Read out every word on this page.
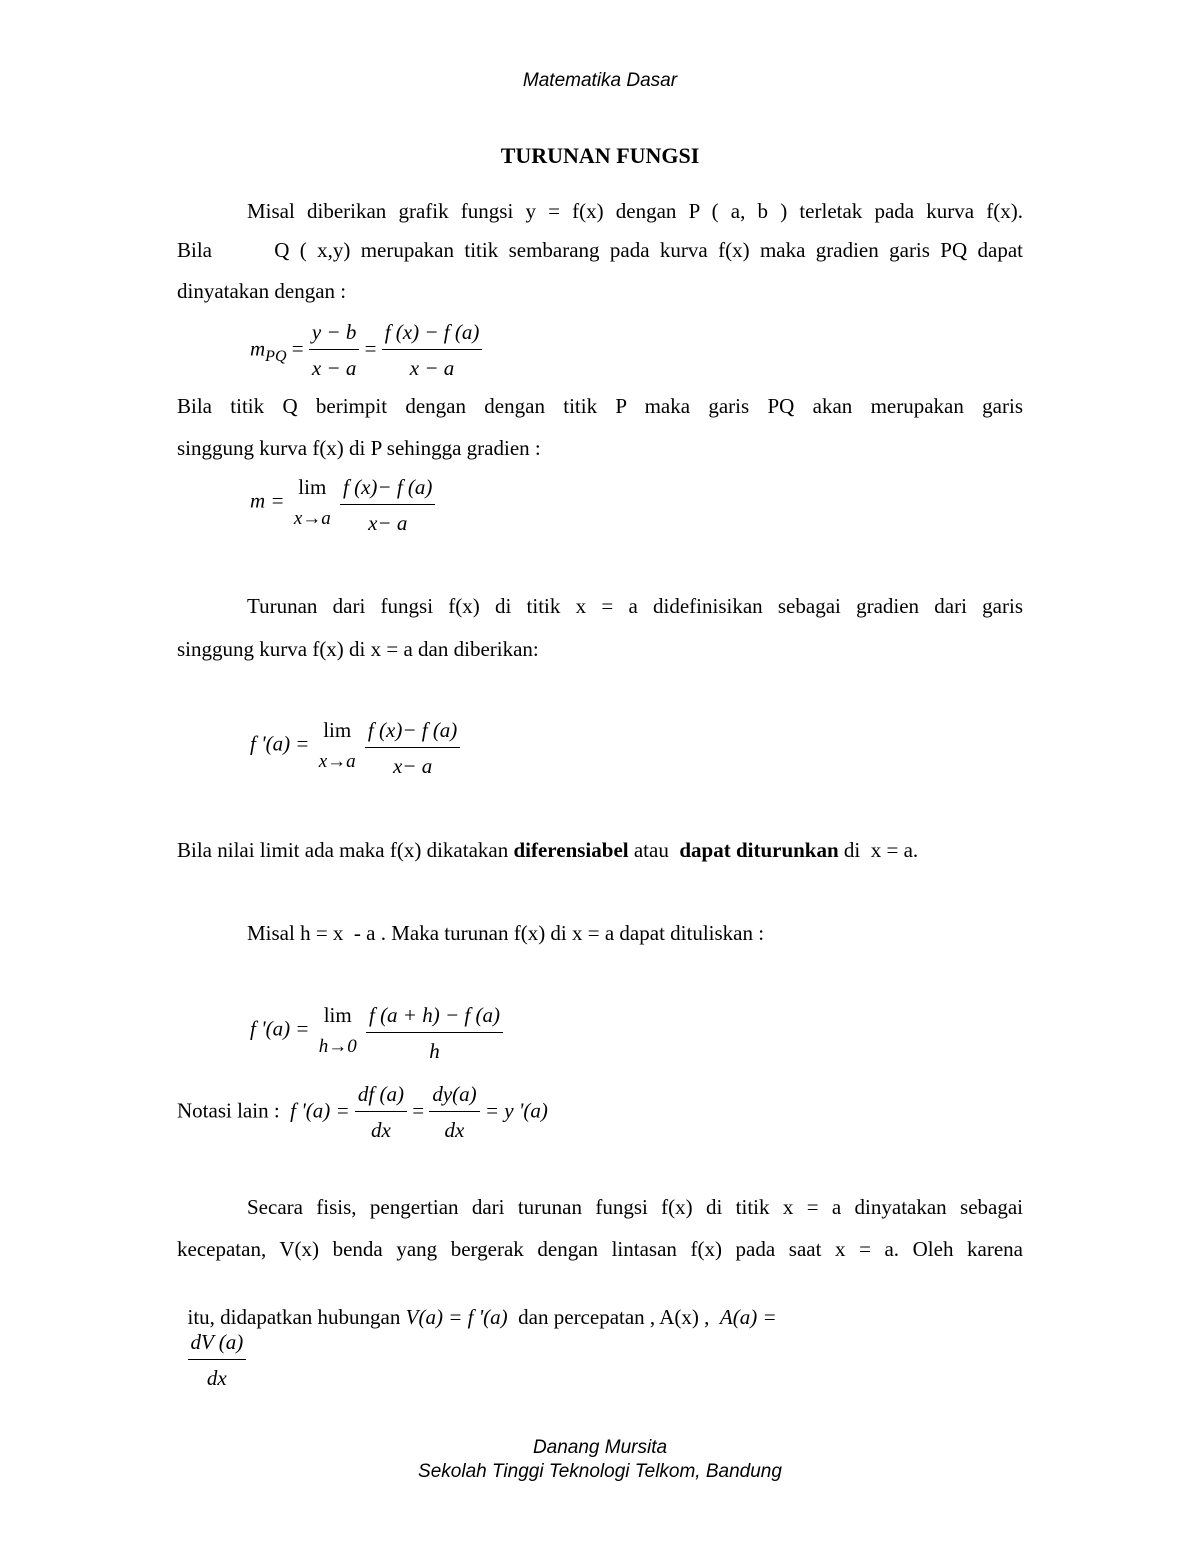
Matematika Dasar
TURUNAN FUNGSI
Misal diberikan grafik fungsi y = f(x) dengan P ( a, b ) terletak pada kurva f(x).
Bila      Q ( x,y) merupakan titik sembarang pada kurva f(x) maka gradien garis PQ dapat
dinyatakan dengan :
$m_{PQ} = \frac{y - b}{x - a} = \frac{f (x) - f (a)}{x - a}$
Bila titik Q berimpit dengan dengan titik P maka garis PQ akan merupakan garis
singgung kurva f(x) di P sehingga gradien :
m =
lim
x→a
$\frac{f (x)- f (a)}{x- a}$
Turunan dari fungsi f(x) di titik x = a didefinisikan sebagai gradien dari garis
singgung kurva f(x) di x = a dan diberikan:
f '(a) =
lim
x→a
$\frac{f (x)- f (a)}{x- a}$
Bila nilai limit ada maka f(x) dikatakan diferensiabel atau  dapat diturunkan di  x = a.
Misal h = x  - a . Maka turunan f(x) di x = a dapat dituliskan :
f '(a) =
lim
h→0
$\frac{f (a + h) - f (a)}{h}$
Notasi lain :  f '$(a) = \frac{df (a)}{dx} = \frac{dy(a)}{dx} = y$ '(a)
Secara fisis, pengertian dari turunan fungsi f(x) di titik x = a dinyatakan sebagai
kecepatan, V(x) benda yang bergerak dengan lintasan f(x) pada saat x = a. Oleh karena

itu, didapatkan hubungan V(a) = f '(a)  dan percepatan , A(x) ,  A(a) =

$\frac{dV (a)}{dx}$

Danang Mursita
Sekolah Tinggi Teknologi Telkom, Bandung
